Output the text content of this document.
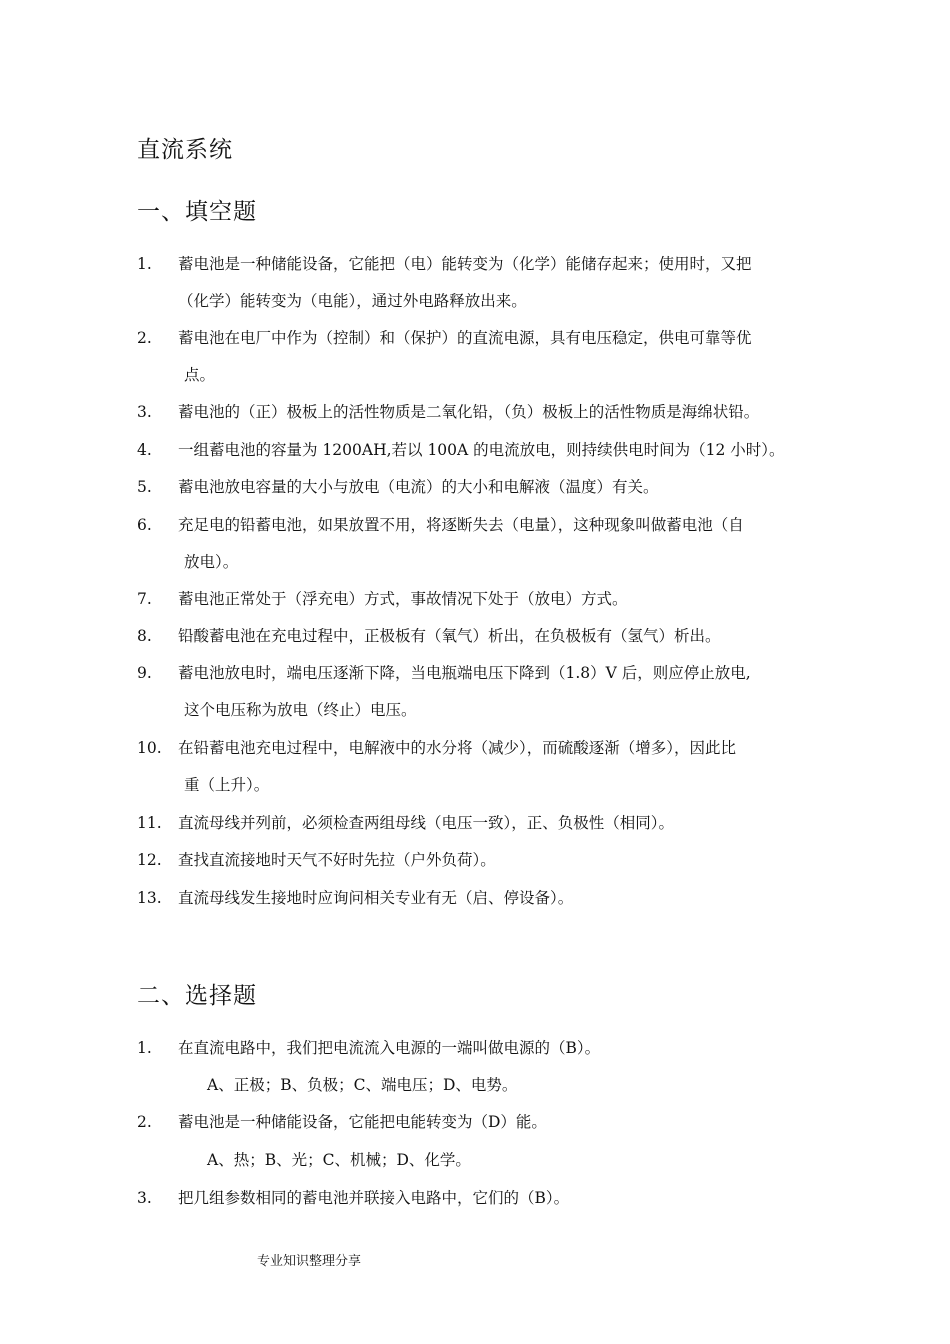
直流系统
一、填空题
1.	蓄电池是一种储能设备，它能把（电）能转变为（化学）能储存起来；使用时，又把
（化学）能转变为（电能），通过外电路释放出来。
2.	蓄电池在电厂中作为（控制）和（保护）的直流电源，具有电压稳定，供电可靠等优
点。
3.	蓄电池的（正）极板上的活性物质是二氧化铅，（负）极板上的活性物质是海绵状铅。
4.	一组蓄电池的容量为 1200AH,若以 100A 的电流放电，则持续供电时间为（12 小时）。
5.	蓄电池放电容量的大小与放电（电流）的大小和电解液（温度）有关。
6.	充足电的铅蓄电池，如果放置不用，将逐断失去（电量），这种现象叫做蓄电池（自
放电）。
7.	蓄电池正常处于（浮充电）方式，事故情况下处于（放电）方式。
8.	铅酸蓄电池在充电过程中，正极板有（氧气）析出，在负极板有（氢气）析出。
9.	蓄电池放电时，端电压逐渐下降，当电瓶端电压下降到（1.8）V 后，则应停止放电,
这个电压称为放电（终止）电压。
10.	在铅蓄电池充电过程中，电解液中的水分将（减少），而硫酸逐渐（增多），因此比
重（上升）。
11.	直流母线并列前，必须检查两组母线（电压一致），正、负极性（相同）。
12.	查找直流接地时天气不好时先拉（户外负荷）。
13.	直流母线发生接地时应询问相关专业有无（启、停设备）。
二、选择题
1.	在直流电路中，我们把电流流入电源的一端叫做电源的（B）。
A、正极；B、负极；C、端电压；D、电势。
2.	蓄电池是一种储能设备，它能把电能转变为（D）能。
A、热；B、光；C、机械；D、化学。
3.	把几组参数相同的蓄电池并联接入电路中，它们的（B）。
专业知识整理分享
